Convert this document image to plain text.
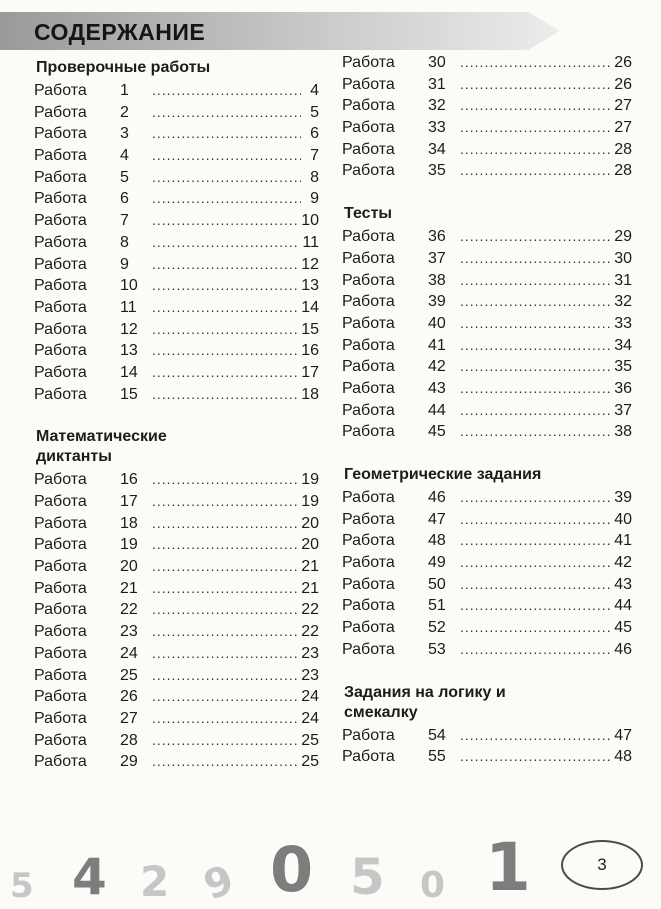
СОДЕРЖАНИЕ
Проверочные работы
Работа	1 .....	4
Работа	2 .....	5
Работа	3 .....	6
Работа	4 .....	7
Работа	5 .....	8
Работа	6 .....	9
Работа	7 .....	10
Работа	8 .....	11
Работа	9 .....	12
Работа	10 .....	13
Работа	11 .....	14
Работа	12 .....	15
Работа	13 .....	16
Работа	14 .....	17
Работа	15 .....	18
Математические диктанты
Работа	16 .....	19
Работа	17 .....	19
Работа	18 .....	20
Работа	19 .....	20
Работа	20 .....	21
Работа	21 .....	21
Работа	22 .....	22
Работа	23 .....	22
Работа	24 .....	23
Работа	25 .....	23
Работа	26 .....	24
Работа	27 .....	24
Работа	28 .....	25
Работа	29 .....	25
Работа	30 .....	26
Работа	31 .....	26
Работа	32 .....	27
Работа	33 .....	27
Работа	34 .....	28
Работа	35 .....	28
Тесты
Работа	36 .....	29
Работа	37 .....	30
Работа	38 .....	31
Работа	39 .....	32
Работа	40 .....	33
Работа	41 .....	34
Работа	42 .....	35
Работа	43 .....	36
Работа	44 .....	37
Работа	45 .....	38
Геометрические задания
Работа	46 .....	39
Работа	47 .....	40
Работа	48 .....	41
Работа	49 .....	42
Работа	50 .....	43
Работа	51 .....	44
Работа	52 .....	45
Работа	53 .....	46
Задания на логику и смекалку
Работа	54 .....	47
Работа	55 .....	48
5 4 2 9 0 5 0 1	3
